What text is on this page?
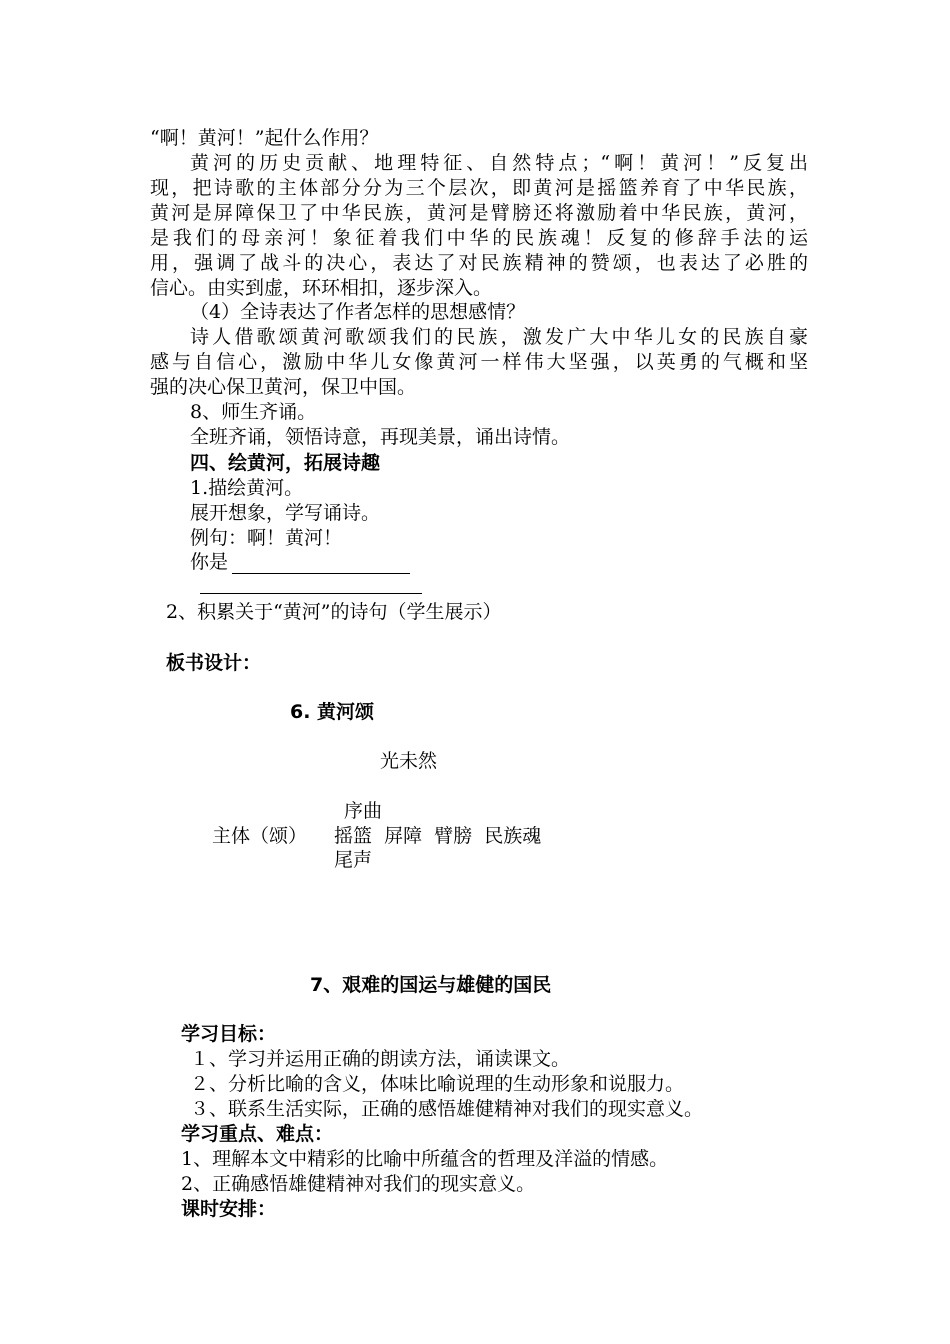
“啊！黄河！”起什么作用？
黄河的历史贡献、地理特征、自然特点；“啊！黄河！”反复出
现，把诗歌的主体部分分为三个层次，即黄河是摇篮养育了中华民族，
黄河是屏障保卫了中华民族，黄河是臂膀还将激励着中华民族，黄河，
是我们的母亲河！象征着我们中华的民族魂！反复的修辞手法的运
用，强调了战斗的决心，表达了对民族精神的赞颂，也表达了必胜的
信心。由实到虚，环环相扣，逐步深入。
（4）全诗表达了作者怎样的思想感情？
诗人借歌颂黄河歌颂我们的民族，激发广大中华儿女的民族自豪
感与自信心，激励中华儿女像黄河一样伟大坚强，以英勇的气概和坚
强的决心保卫黄河，保卫中国。
8、师生齐诵。
全班齐诵，领悟诗意，再现美景，诵出诗情。
四、绘黄河，拓展诗趣
1.描绘黄河。
展开想象，学写诵诗。
例句：啊！黄河！
你是
2、积累关于“黄河”的诗句（学生展示）
板书设计：
6. 黄河颂
光未然
序曲
主体（颂） 摇篮  屏障  臂膀  民族魂
尾声
7、艰难的国运与雄健的国民
学习目标：
１、学习并运用正确的朗读方法，诵读课文。
２、分析比喻的含义，体味比喻说理的生动形象和说服力。
３、联系生活实际，正确的感悟雄健精神对我们的现实意义。
学习重点、难点：
1、理解本文中精彩的比喻中所蕴含的哲理及洋溢的情感。
2、正确感悟雄健精神对我们的现实意义。
课时安排：
